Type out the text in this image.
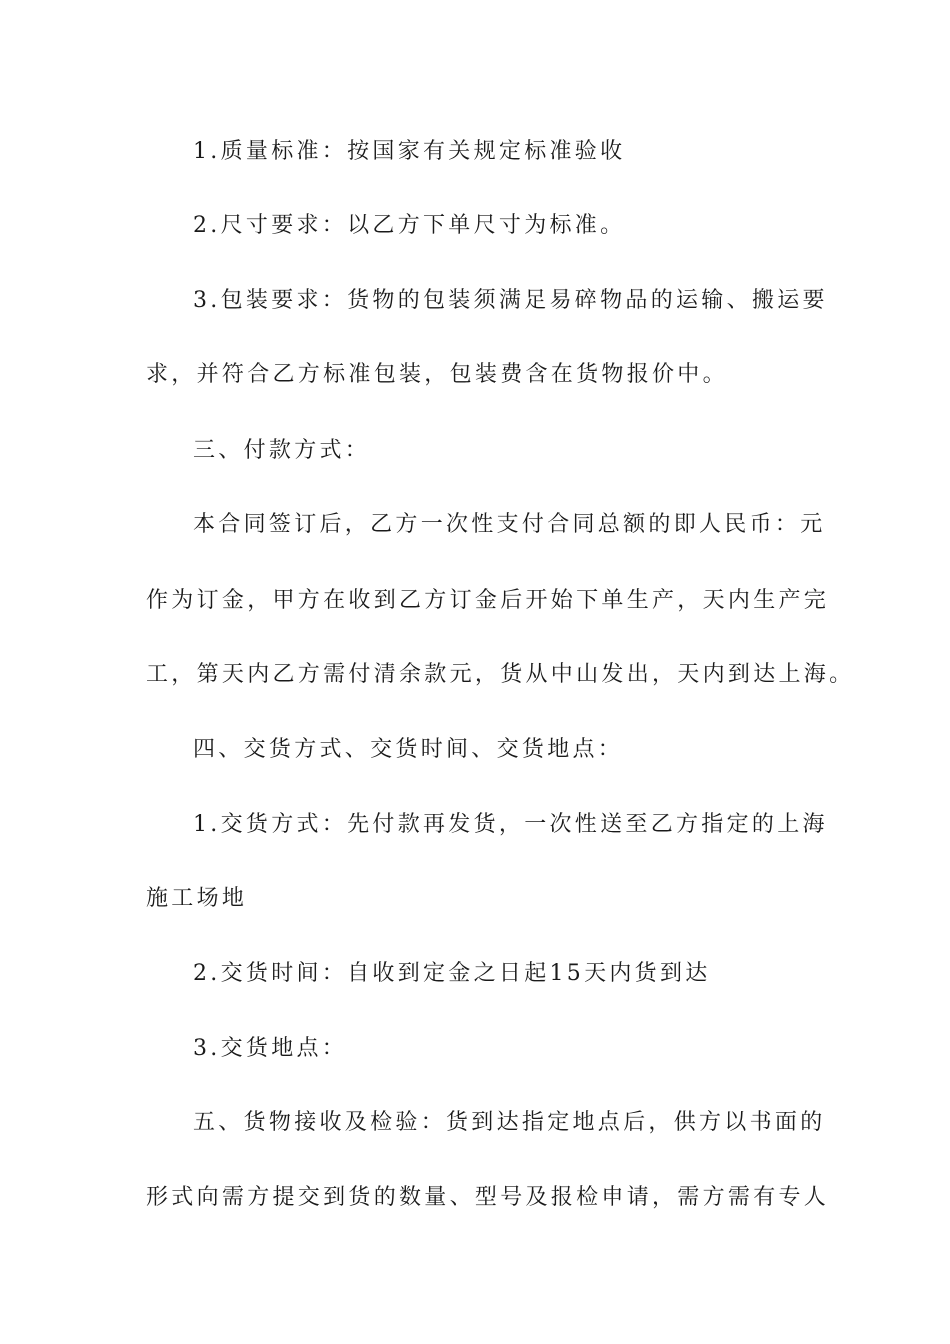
1.质量标准：按国家有关规定标准验收
2.尺寸要求：以乙方下单尺寸为标准。
3.包装要求：货物的包装须满足易碎物品的运输、搬运要
求，并符合乙方标准包装，包装费含在货物报价中。
三、付款方式：
本合同签订后，乙方一次性支付合同总额的即人民币：元
作为订金，甲方在收到乙方订金后开始下单生产，天内生产完
工，第天内乙方需付清余款元，货从中山发出，天内到达上海。
四、交货方式、交货时间、交货地点：
1.交货方式：先付款再发货，一次性送至乙方指定的上海
施工场地
2.交货时间：自收到定金之日起15天内货到达
3.交货地点：
五、货物接收及检验：货到达指定地点后，供方以书面的
形式向需方提交到货的数量、型号及报检申请，需方需有专人
